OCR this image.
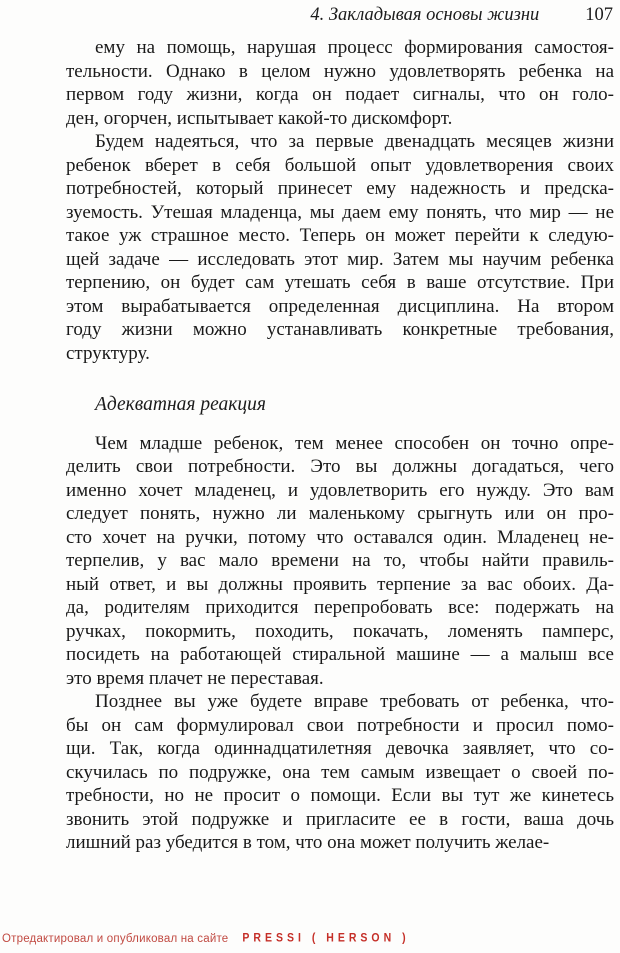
4. Закладывая основы жизни 107
ему на помощь, нарушая процесс формирования самостоя-
тельности. Однако в целом нужно удовлетворять ребенка на
первом году жизни, когда он подает сигналы, что он голо-
ден, огорчен, испытывает какой-то дискомфорт.
Будем надеяться, что за первые двенадцать месяцев жизни
ребенок вберет в себя большой опыт удовлетворения своих
потребностей, который принесет ему надежность и предска-
зуемость. Утешая младенца, мы даем ему понять, что мир — не
такое уж страшное место. Теперь он может перейти к следую-
щей задаче — исследовать этот мир. Затем мы научим ребенка
терпению, он будет сам утешать себя в ваше отсутствие. При
этом вырабатывается определенная дисциплина. На втором
году жизни можно устанавливать конкретные требования,
структуру.
Адекватная реакция
Чем младше ребенок, тем менее способен он точно опре-
делить свои потребности. Это вы должны догадаться, чего
именно хочет младенец, и удовлетворить его нужду. Это вам
следует понять, нужно ли маленькому срыгнуть или он про-
сто хочет на ручки, потому что оставался один. Младенец не-
терпелив, у вас мало времени на то, чтобы найти правиль-
ный ответ, и вы должны проявить терпение за вас обоих. Да-
да, родителям приходится перепробовать все: подержать на
ручках, покормить, походить, покачать, ломенять памперс,
посидеть на работающей стиральной машине — а малыш все
это время плачет не переставая.
Позднее вы уже будете вправе требовать от ребенка, что-
бы он сам формулировал свои потребности и просил помо-
щи. Так, когда одиннадцатилетняя девочка заявляет, что со-
скучилась по подружке, она тем самым извещает о своей по-
требности, но не просит о помощи. Если вы тут же кинетесь
звонить этой подружке и пригласите ее в гости, ваша дочь
лишний раз убедится в том, что она может получить желае-
Отредактировал и опубликовал на сайте PRESSI ( HERSON )
